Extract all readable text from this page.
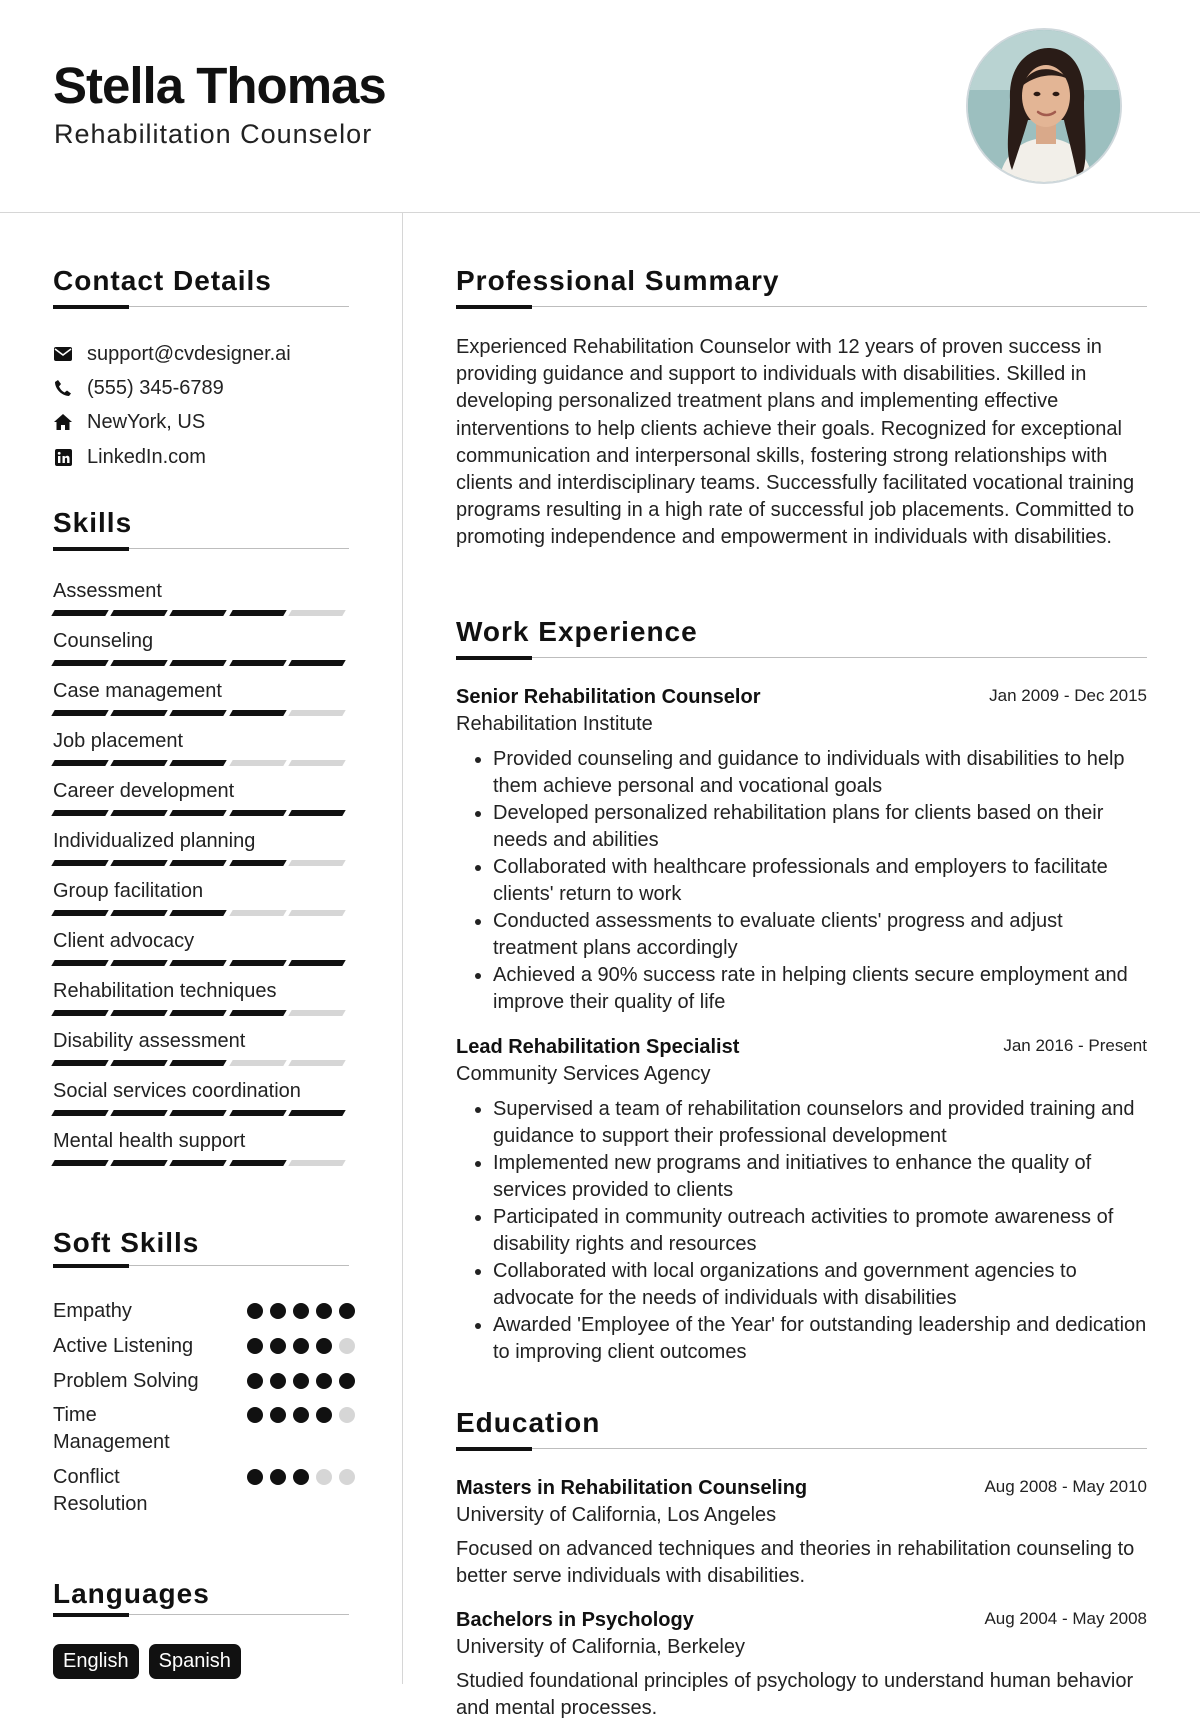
Stella Thomas
Rehabilitation Counselor
Contact Details
support@cvdesigner.ai
(555) 345-6789
NewYork, US
LinkedIn.com
Skills
Assessment
Counseling
Case management
Job placement
Career development
Individualized planning
Group facilitation
Client advocacy
Rehabilitation techniques
Disability assessment
Social services coordination
Mental health support
Soft Skills
Empathy
Active Listening
Problem Solving
Time Management
Conflict Resolution
Languages
English	Spanish
Professional Summary
Experienced Rehabilitation Counselor with 12 years of proven success in providing guidance and support to individuals with disabilities. Skilled in developing personalized treatment plans and implementing effective interventions to help clients achieve their goals. Recognized for exceptional communication and interpersonal skills, fostering strong relationships with clients and interdisciplinary teams. Successfully facilitated vocational training programs resulting in a high rate of successful job placements. Committed to promoting independence and empowerment in individuals with disabilities.
Work Experience
Senior Rehabilitation Counselor	Jan 2009 - Dec 2015
Rehabilitation Institute
• Provided counseling and guidance to individuals with disabilities to help them achieve personal and vocational goals
• Developed personalized rehabilitation plans for clients based on their needs and abilities
• Collaborated with healthcare professionals and employers to facilitate clients' return to work
• Conducted assessments to evaluate clients' progress and adjust treatment plans accordingly
• Achieved a 90% success rate in helping clients secure employment and improve their quality of life
Lead Rehabilitation Specialist	Jan 2016 - Present
Community Services Agency
• Supervised a team of rehabilitation counselors and provided training and guidance to support their professional development
• Implemented new programs and initiatives to enhance the quality of services provided to clients
• Participated in community outreach activities to promote awareness of disability rights and resources
• Collaborated with local organizations and government agencies to advocate for the needs of individuals with disabilities
• Awarded 'Employee of the Year' for outstanding leadership and dedication to improving client outcomes
Education
Masters in Rehabilitation Counseling	Aug 2008 - May 2010
University of California, Los Angeles
Focused on advanced techniques and theories in rehabilitation counseling to better serve individuals with disabilities.
Bachelors in Psychology	Aug 2004 - May 2008
University of California, Berkeley
Studied foundational principles of psychology to understand human behavior and mental processes.
